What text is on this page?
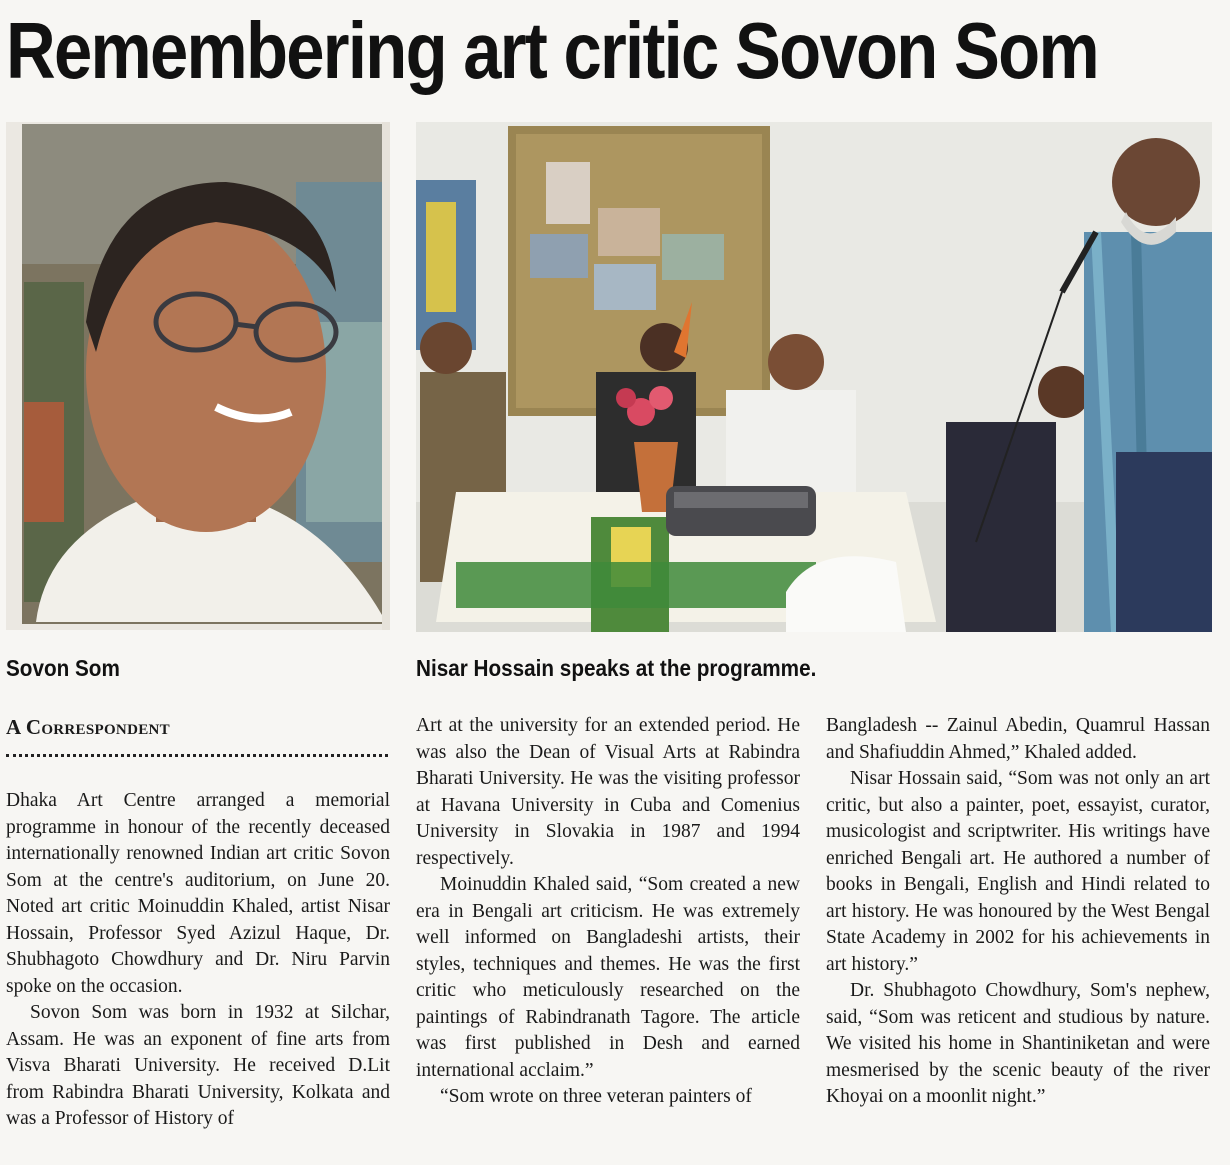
Remembering art critic Sovon Som
Sovon Som	Nisar Hossain speaks at the programme.
A Correspondent

Dhaka Art Centre arranged a memorial programme in honour of the recently deceased internationally renowned Indian art critic Sovon Som at the centre's auditorium, on June 20. Noted art critic Moinuddin Khaled, artist Nisar Hossain, Professor Syed Azizul Haque, Dr. Shubhagoto Chowdhury and Dr. Niru Parvin spoke on the occasion.

Sovon Som was born in 1932 at Silchar, Assam. He was an exponent of fine arts from Visva Bharati University. He received D.Lit from Rabindra Bharati University, Kolkata and was a Professor of History of

Art at the university for an extended period. He was also the Dean of Visual Arts at Rabindra Bharati University. He was the visiting professor at Havana University in Cuba and Comenius University in Slovakia in 1987 and 1994 respectively.

Moinuddin Khaled said, “Som created a new era in Bengali art criticism. He was extremely well informed on Bangladeshi artists, their styles, techniques and themes. He was the first critic who meticulously researched on the paintings of Rabindranath Tagore. The article was first published in Desh and earned international acclaim.”

“Som wrote on three veteran painters of

Bangladesh -- Zainul Abedin, Quamrul Hassan and Shafiuddin Ahmed,” Khaled added.

Nisar Hossain said, “Som was not only an art critic, but also a painter, poet, essayist, curator, musicologist and scriptwriter. His writings have enriched Bengali art. He authored a number of books in Bengali, English and Hindi related to art history. He was honoured by the West Bengal State Academy in 2002 for his achievements in art history.”

Dr. Shubhagoto Chowdhury, Som's nephew, said, “Som was reticent and studious by nature. We visited his home in Shantiniketan and were mesmerised by the scenic beauty of the river Khoyai on a moonlit night.”
